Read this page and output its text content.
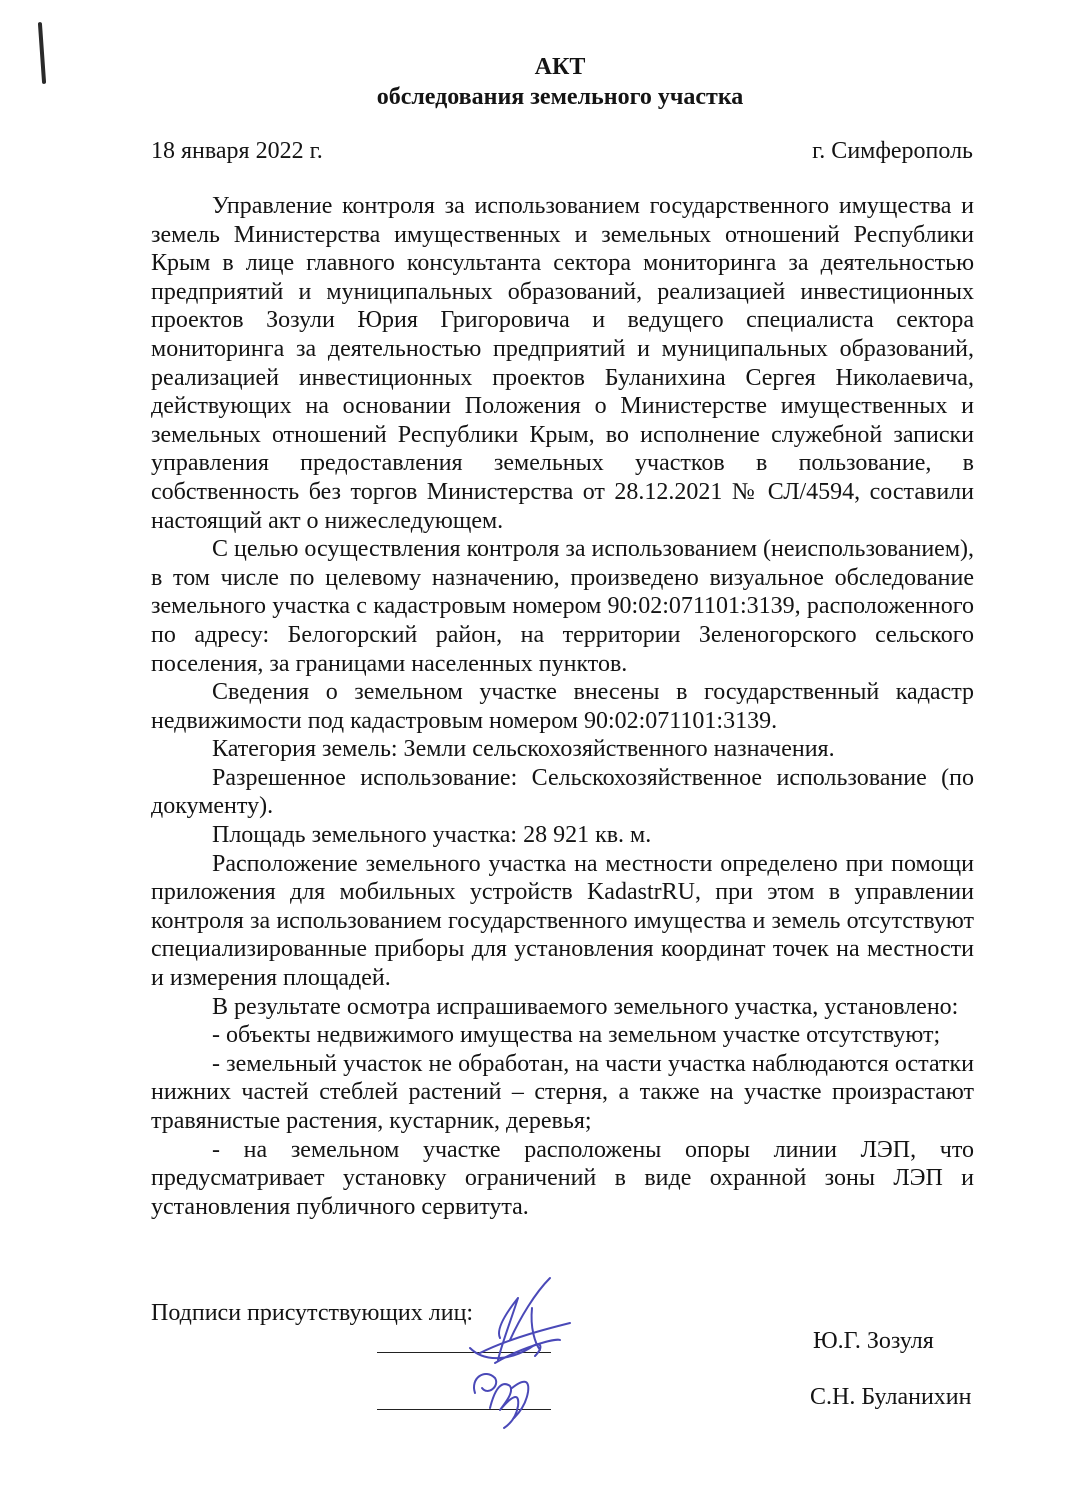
АКТ
обследования земельного участка
18 января 2022 г.	г. Симферополь

Управление контроля за использованием государственного имущества и земель Министерства имущественных и земельных отношений Республики Крым в лице главного консультанта сектора мониторинга за деятельностью предприятий и муниципальных образований, реализацией инвестиционных проектов Зозули Юрия Григоровича и ведущего специалиста сектора мониторинга за деятельностью предприятий и муниципальных образований, реализацией инвестиционных проектов Буланихина Сергея Николаевича, действующих на основании Положения о Министерстве имущественных и земельных отношений Республики Крым, во исполнение служебной записки управления предоставления земельных участков в пользование, в собственность без торгов Министерства от 28.12.2021 № СЛ/4594, составили настоящий акт о нижеследующем.

С целью осуществления контроля за использованием (неиспользованием), в том числе по целевому назначению, произведено визуальное обследование земельного участка с кадастровым номером 90:02:071101:3139, расположенного по адресу: Белогорский район, на территории Зеленогорского сельского поселения, за границами населенных пунктов.

Сведения о земельном участке внесены в государственный кадастр недвижимости под кадастровым номером 90:02:071101:3139.

Категория земель: Земли сельскохозяйственного назначения.

Разрешенное использование: Сельскохозяйственное использование (по документу).

Площадь земельного участка: 28 921 кв. м.

Расположение земельного участка на местности определено при помощи приложения для мобильных устройств KadastrRU, при этом в управлении контроля за использованием государственного имущества и земель отсутствуют специализированные приборы для установления координат точек на местности и измерения площадей.

В результате осмотра испрашиваемого земельного участка, установлено:

- объекты недвижимого имущества на земельном участке отсутствуют;

- земельный участок не обработан, на части участка наблюдаются остатки нижних частей стеблей растений – стерня, а также на участке произрастают травянистые растения, кустарник, деревья;

- на земельном участке расположены опоры линии ЛЭП, что предусматривает установку ограничений в виде охранной зоны ЛЭП и установления публичного сервитута.

Подписи присутствующих лиц:
Ю.Г. Зозуля
С.Н. Буланихин
